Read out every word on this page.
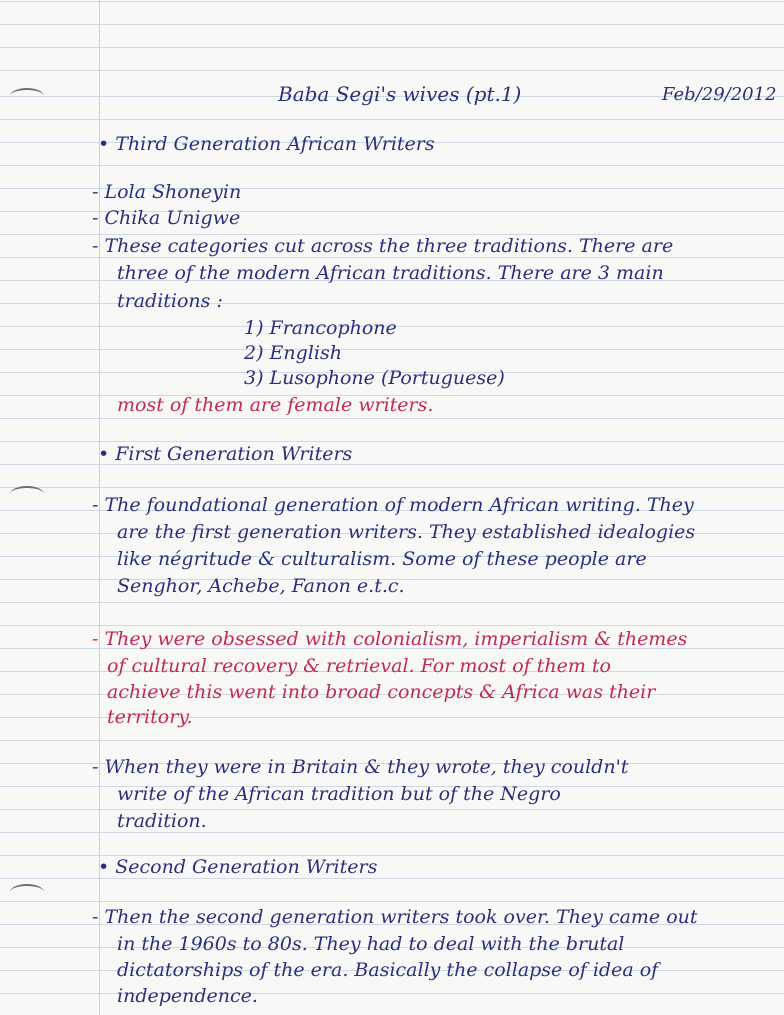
Baba Segi's wives (pt.1)	Feb/29/2012

• Third Generation African Writers

- Lola Shoneyin

- Chika Unigwe

- These categories cut across the three traditions. There are

three of the modern African traditions. There are 3 main

traditions :

1) Francophone

2) English

3) Lusophone (Portuguese)

most of them are female writers.

• First Generation Writers

- The foundational generation of modern African writing. They

are the first generation writers. They established idealogies

like négritude & culturalism. Some of these people are

Senghor, Achebe, Fanon e.t.c.

- They were obsessed with colonialism, imperialism & themes

of cultural recovery & retrieval. For most of them to

achieve this went into broad concepts & Africa was their

territory.

- When they were in Britain & they wrote, they couldn't

write of the African tradition but of the Negro

tradition.

• Second Generation Writers

- Then the second generation writers took over. They came out

in the 1960s to 80s. They had to deal with the brutal

dictatorships of the era. Basically the collapse of idea of

independence.
